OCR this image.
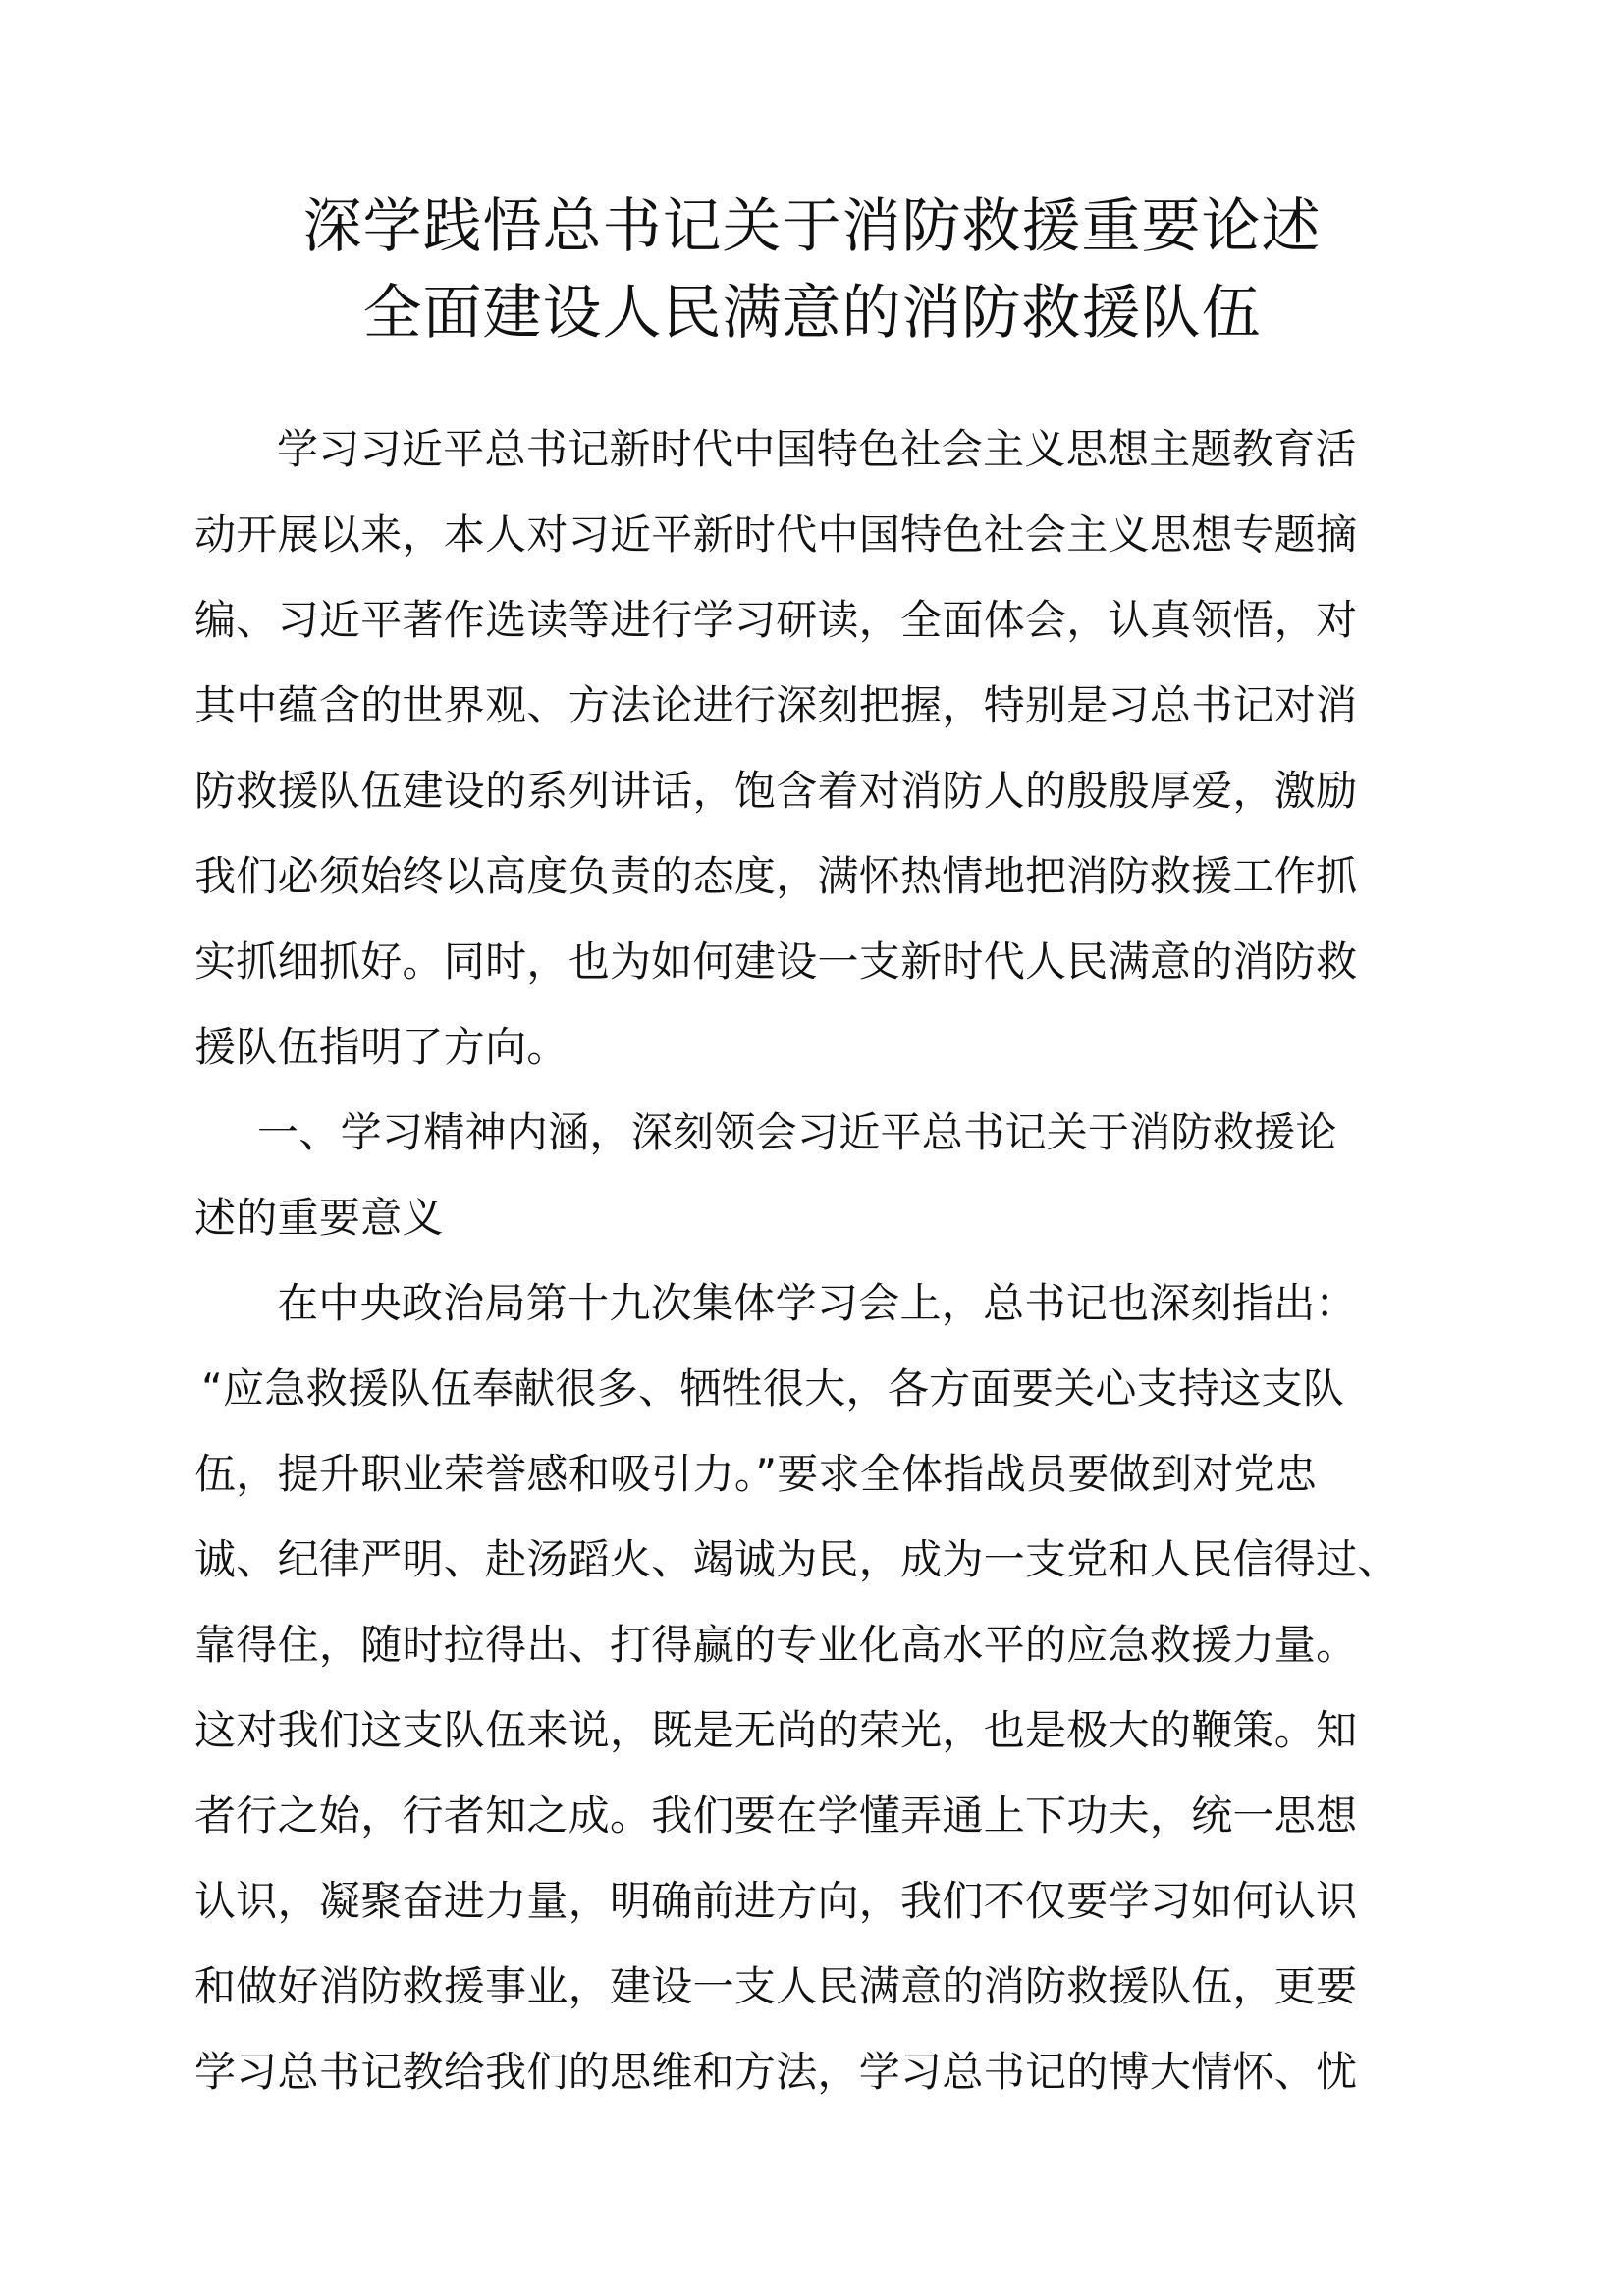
深学践悟总书记关于消防救援重要论述
全面建设人民满意的消防救援队伍
学习习近平总书记新时代中国特色社会主义思想主题教育活
动开展以来，本人对习近平新时代中国特色社会主义思想专题摘
编、习近平著作选读等进行学习研读，全面体会，认真领悟，对
其中蕴含的世界观、方法论进行深刻把握，特别是习总书记对消
防救援队伍建设的系列讲话，饱含着对消防人的殷殷厚爱，激励
我们必须始终以高度负责的态度，满怀热情地把消防救援工作抓
实抓细抓好。同时，也为如何建设一支新时代人民满意的消防救
援队伍指明了方向。
一、学习精神内涵，深刻领会习近平总书记关于消防救援论
述的重要意义
在中央政治局第十九次集体学习会上，总书记也深刻指出：
“应急救援队伍奉献很多、牺牲很大，各方面要关心支持这支队
伍，提升职业荣誉感和吸引力。”要求全体指战员要做到对党忠
诚、纪律严明、赴汤蹈火、竭诚为民，成为一支党和人民信得过、
靠得住，随时拉得出、打得赢的专业化高水平的应急救援力量。
这对我们这支队伍来说，既是无尚的荣光，也是极大的鞭策。知
者行之始，行者知之成。我们要在学懂弄通上下功夫，统一思想
认识，凝聚奋进力量，明确前进方向，我们不仅要学习如何认识
和做好消防救援事业，建设一支人民满意的消防救援队伍，更要
学习总书记教给我们的思维和方法，学习总书记的博大情怀、忧
